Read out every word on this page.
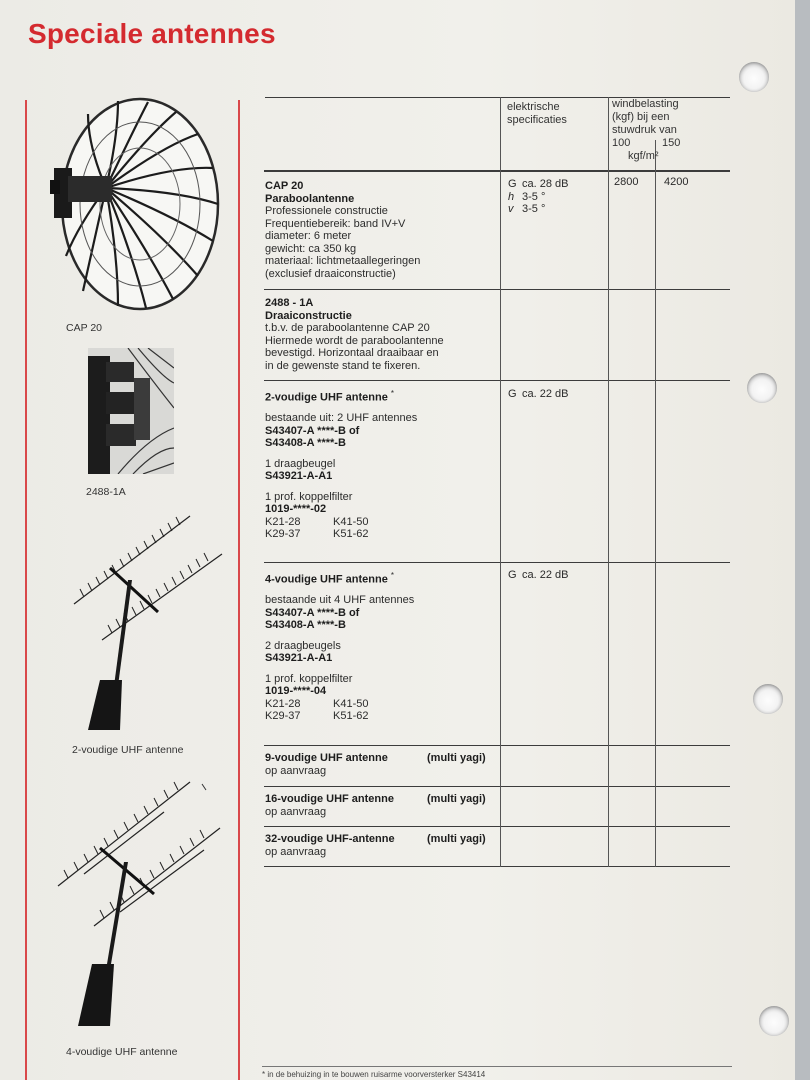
Speciale antennes
CAP 20
2488-1A
2-voudige UHF antenne
4-voudige UHF antenne
elektrische
specificaties
windbelasting
(kgf) bij een
stuwdruk van
100	150
kgf/m²
CAP 20
Paraboolantenne
Professionele constructie
Frequentiebereik: band IV+V
diameter: 6 meter
gewicht: ca 350 kg
materiaal: lichtmetaallegeringen
(exclusief draaiconstructie)
G ca. 28 dB
h 3-5 °
v 3-5 °
2800 4200
2488 - 1A
Draaiconstructie
t.b.v. de paraboolantenne CAP 20
Hiermede wordt de paraboolantenne
bevestigd. Horizontaal draaibaar en
in de gewenste stand te fixeren.
2-voudige UHF antenne *
bestaande uit: 2 UHF antennes
S43407-A ****-B of
S43408-A ****-B
1 draagbeugel
S43921-A-A1
1 prof. koppelfilter
1019-****-02
K21-28	K41-50
K29-37	K51-62
G ca. 22 dB
4-voudige UHF antenne *
bestaande uit 4 UHF antennes
S43407-A ****-B of
S43408-A ****-B
2 draagbeugels
S43921-A-A1
1 prof. koppelfilter
1019-****-04
K21-28	K41-50
K29-37	K51-62
G ca. 22 dB
9-voudige UHF antenne	(multi yagi)
op aanvraag
16-voudige UHF antenne	(multi yagi)
op aanvraag
32-voudige UHF-antenne	(multi yagi)
op aanvraag
* in de behuizing in te bouwen ruisarme voorversterker S43414
